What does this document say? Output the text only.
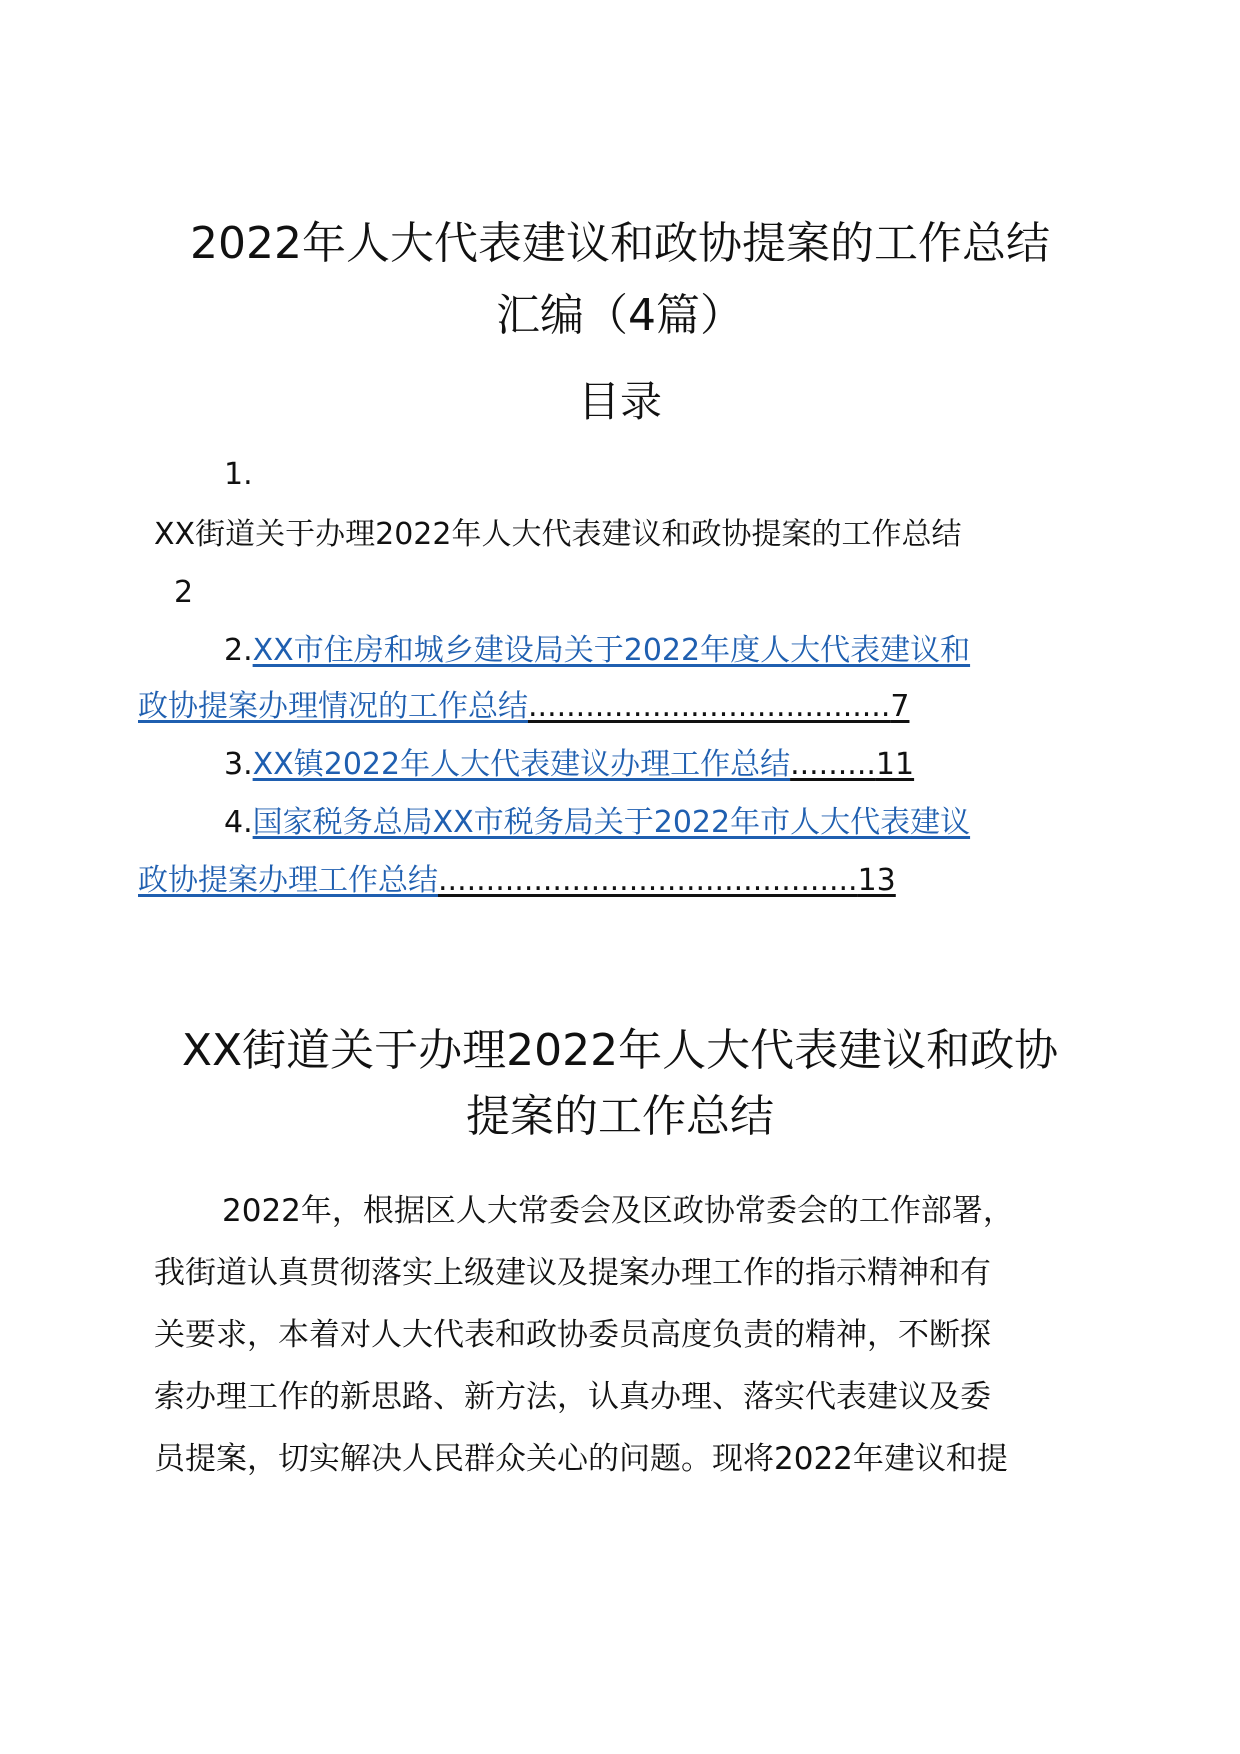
2022年人大代表建议和政协提案的工作总结
汇编（4篇）
目录
1.
XX街道关于办理2022年人大代表建议和政协提案的工作总结
2
2.XX市住房和城乡建设局关于2022年度人大代表建议和
政协提案办理情况的工作总结......................................7
3.XX镇2022年人大代表建议办理工作总结.........11
4.国家税务总局XX市税务局关于2022年市人大代表建议
政协提案办理工作总结............................................13
XX街道关于办理2022年人大代表建议和政协
提案的工作总结
2022年，根据区人大常委会及区政协常委会的工作部署，
我街道认真贯彻落实上级建议及提案办理工作的指示精神和有
关要求，本着对人大代表和政协委员高度负责的精神，不断探
索办理工作的新思路、新方法，认真办理、落实代表建议及委
员提案，切实解决人民群众关心的问题。现将2022年建议和提
